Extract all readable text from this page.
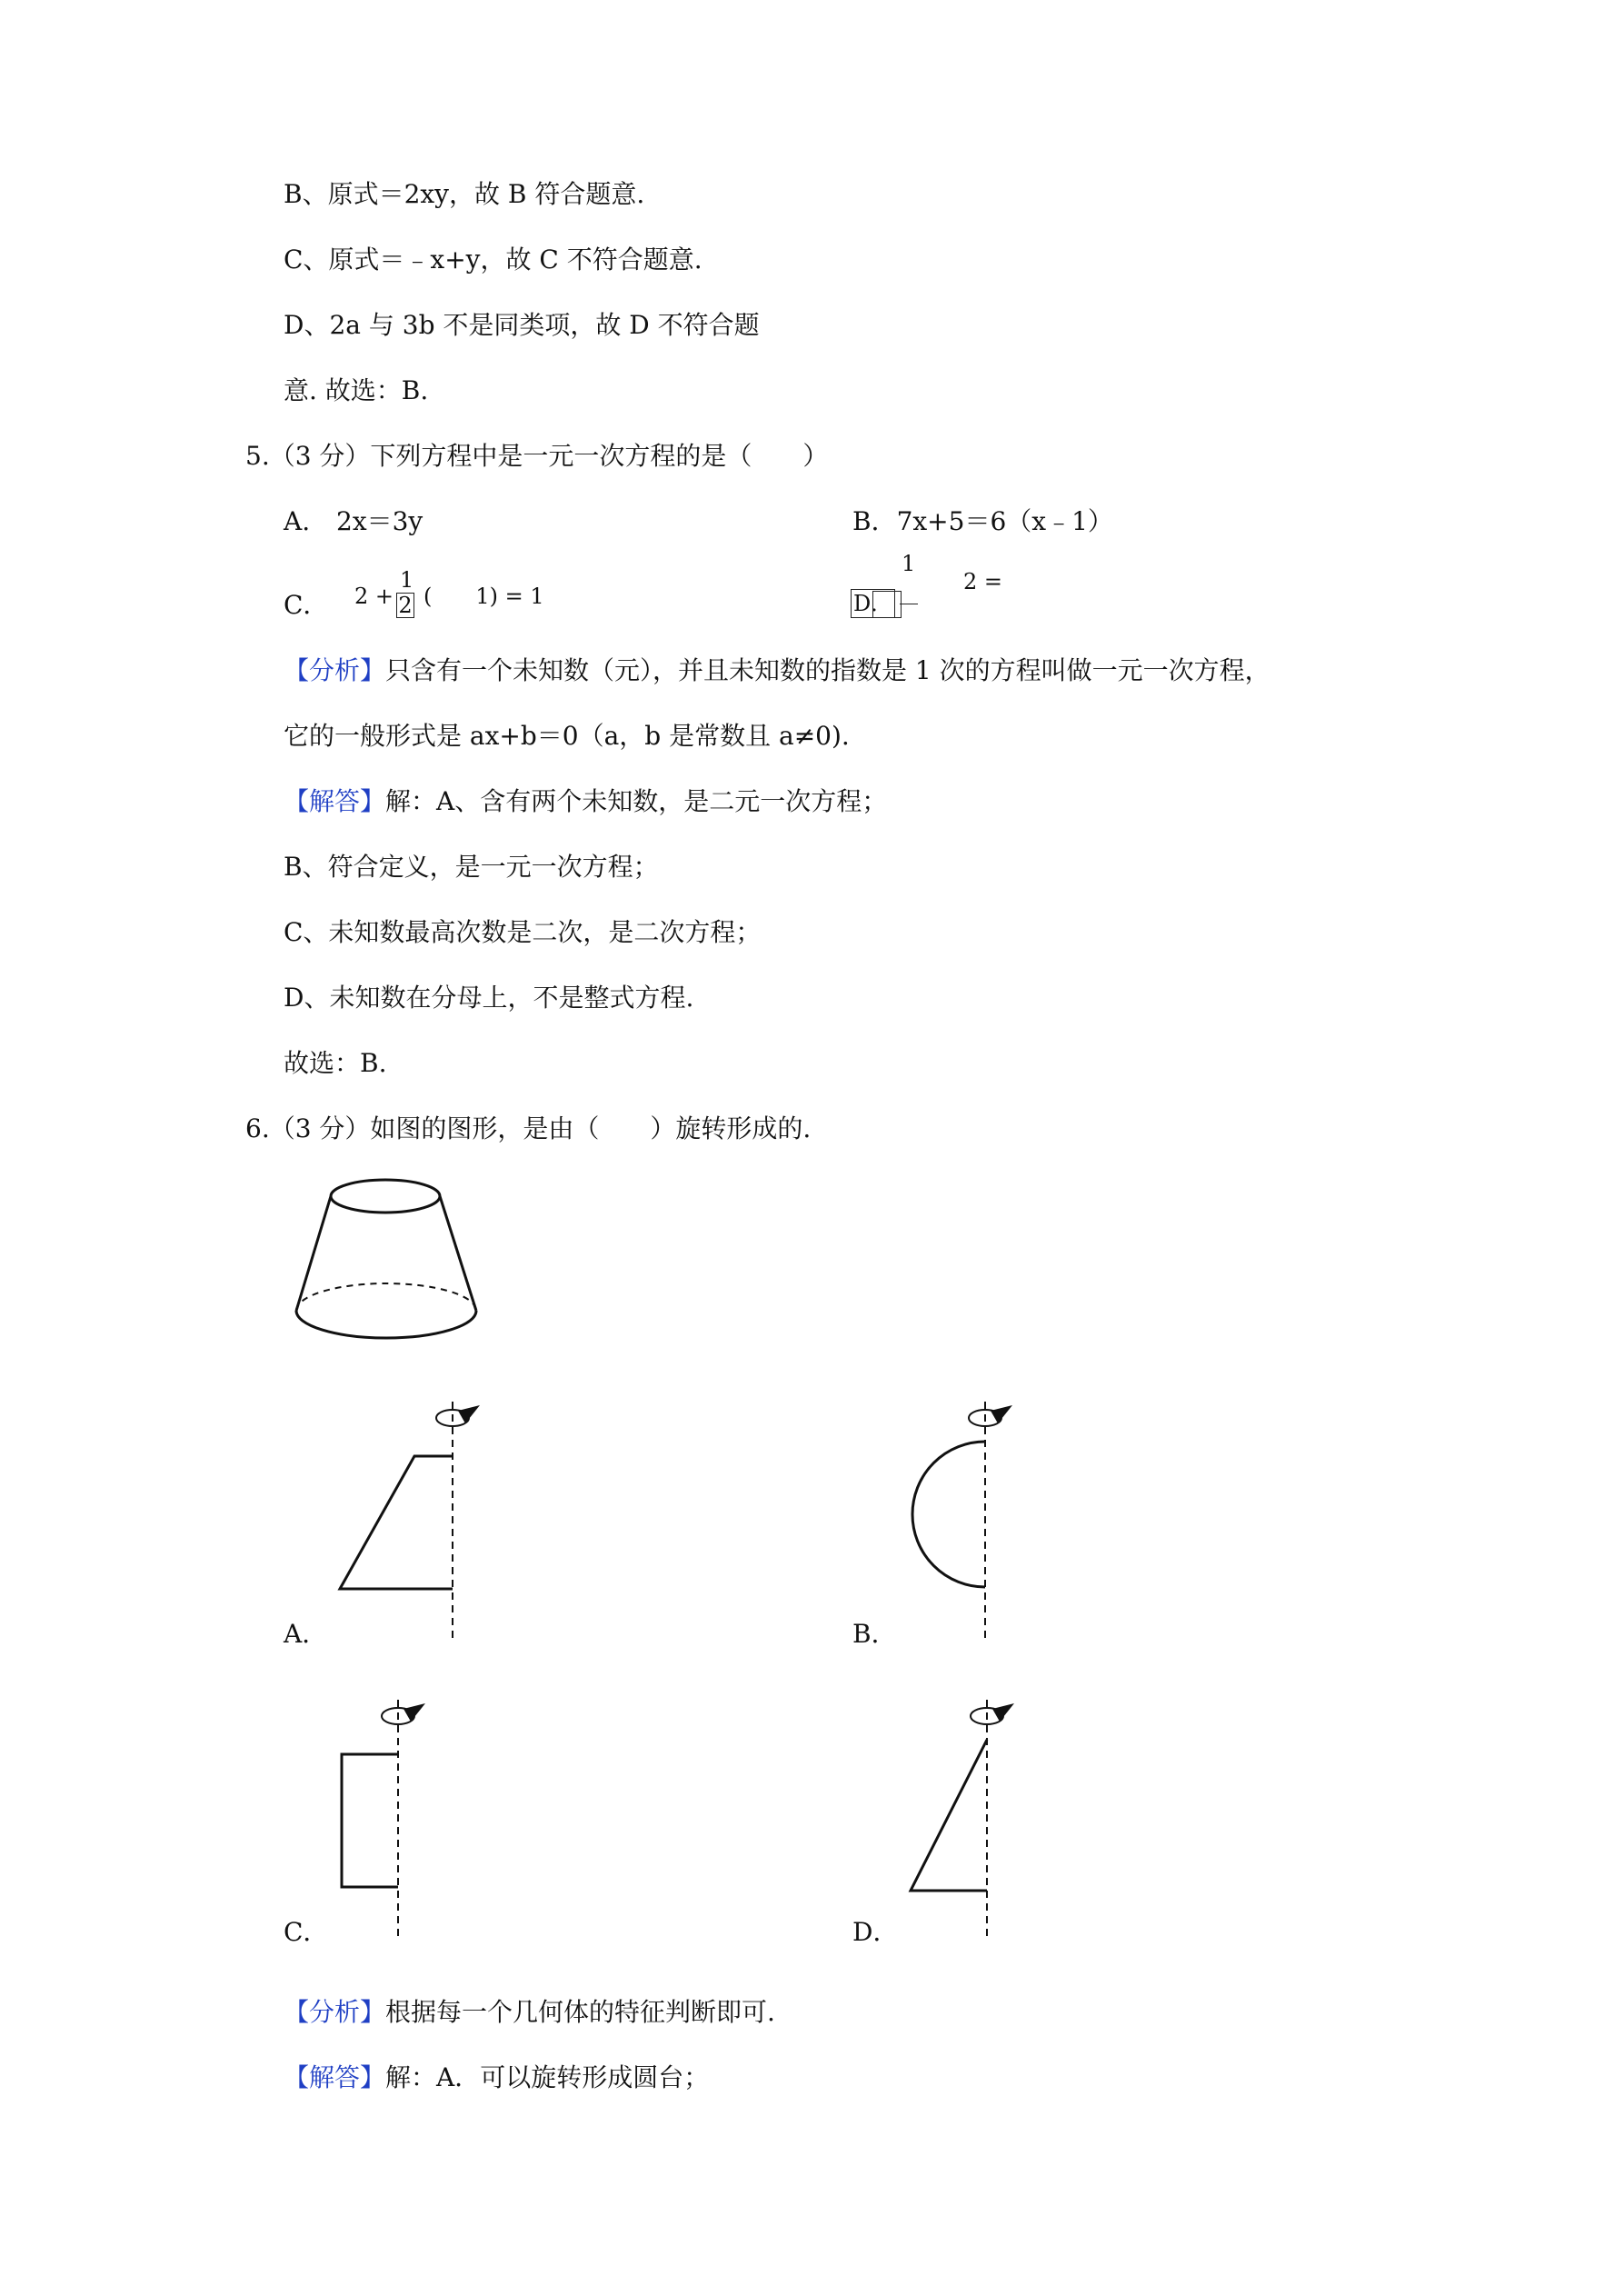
B、原式＝2xy，故 B 符合题意.
C、原式＝﹣x+y，故 C 不符合题意.
D、2a 与 3b 不是同类项，故 D 不符合题
意. 故选：B.
5.（3 分）下列方程中是一元一次方程的是（　　）
A. 2x＝3y	B．7x+5＝6（x﹣1）
C． 2 +
1
2 (　　1) = 1
1
D．
2 =
【分析】只含有一个未知数（元），并且未知数的指数是 1 次的方程叫做一元一次方程，
它的一般形式是 ax+b＝0（a，b 是常数且 a≠0).
【解答】解：A、含有两个未知数，是二元一次方程；
B、符合定义，是一元一次方程；
C、未知数最高次数是二次，是二次方程；
D、未知数在分母上，不是整式方程.
故选：B.
6.（3 分）如图的图形，是由（　　）旋转形成的.
A．	B．
C．	D．
【分析】根据每一个几何体的特征判断即可.
【解答】解：A．可以旋转形成圆台；
